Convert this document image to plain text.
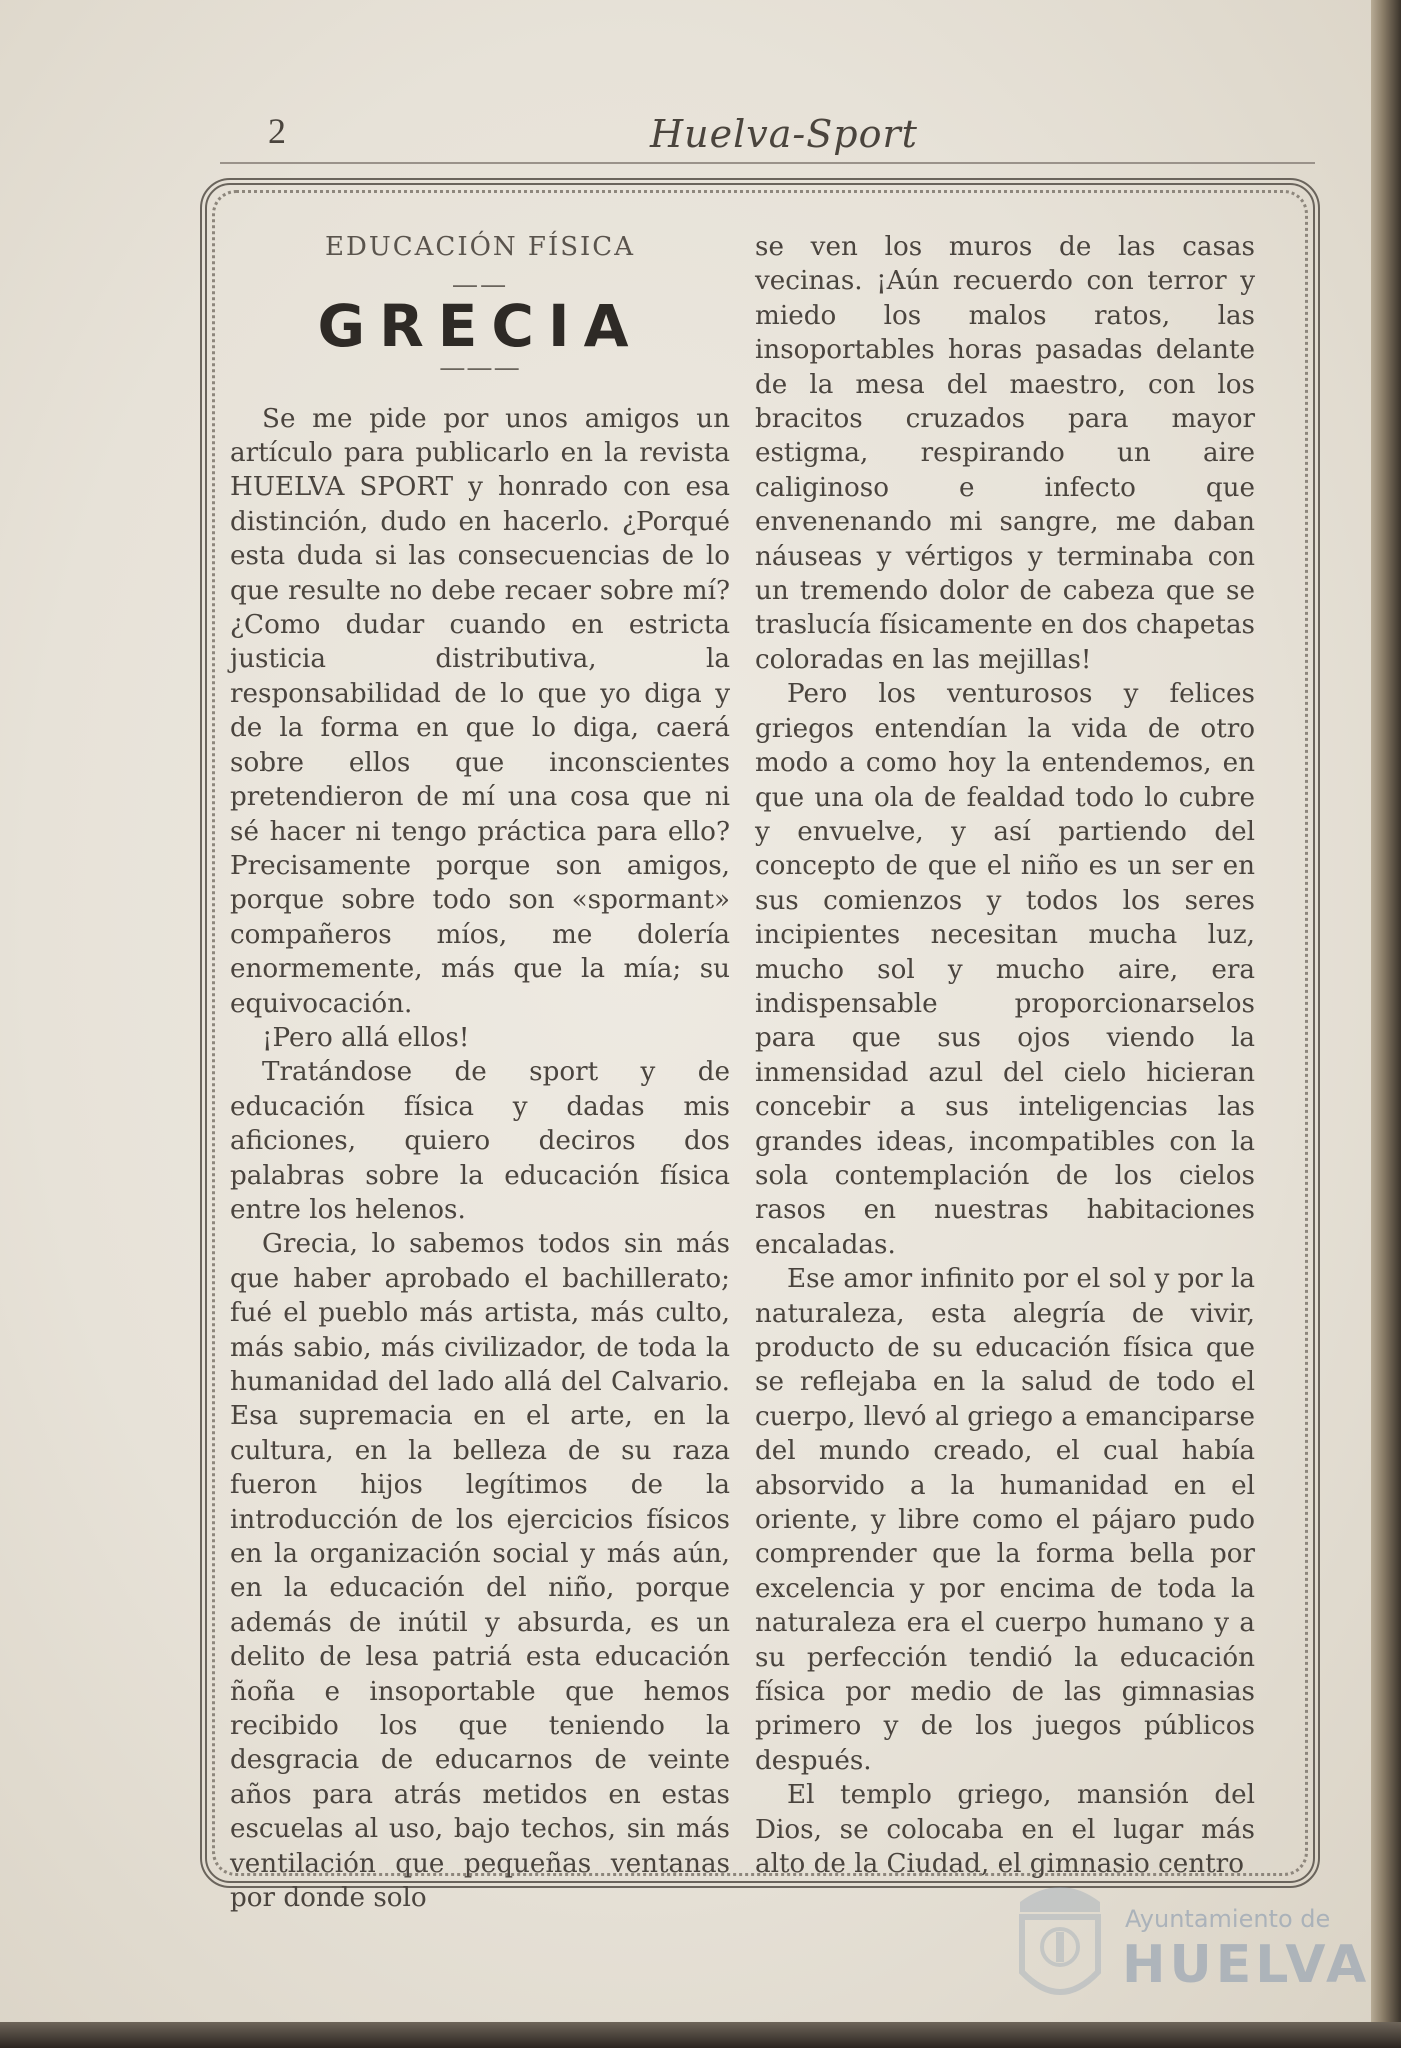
2	Huelva-Sport
EDUCACIÓN FÍSICA
——
GRECIA
———

Se me pide por unos amigos un artículo para publicarlo en la revista HUELVA SPORT y honrado con esa distinción, dudo en hacerlo. ¿Porqué esta duda si las consecuencias de lo que resulte no debe recaer sobre mí? ¿Como dudar cuando en estricta justicia distributiva, la responsabilidad de lo que yo diga y de la forma en que lo diga, caerá sobre ellos que inconscientes pretendieron de mí una cosa que ni sé hacer ni tengo práctica para ello? Precisamente porque son amigos, porque sobre todo son «spormant» compañeros míos, me dolería enormemente, más que la mía; su equivocación.

¡Pero allá ellos!

Tratándose de sport y de educación física y dadas mis aficiones, quiero deciros dos palabras sobre la educación física entre los helenos.

Grecia, lo sabemos todos sin más que haber aprobado el bachillerato; fué el pueblo más artista, más culto, más sabio, más civilizador, de toda la humanidad del lado allá del Calvario. Esa supremacia en el arte, en la cultura, en la belleza de su raza fueron hijos legítimos de la introducción de los ejercicios físicos en la organización social y más aún, en la educación del niño, porque además de inútil y absurda, es un delito de lesa patriá esta educación ñoña e insoportable que hemos recibido los que teniendo la desgracia de educarnos de veinte años para atrás metidos en estas escuelas al uso, bajo techos, sin más ventilación que pequeñas ventanas por donde solo

se ven los muros de las casas vecinas. ¡Aún recuerdo con terror y miedo los malos ratos, las insoportables horas pasadas delante de la mesa del maestro, con los bracitos cruzados para mayor estigma, respirando un aire caliginoso e infecto que envenenando mi sangre, me daban náuseas y vértigos y terminaba con un tremendo dolor de cabeza que se traslucía físicamente en dos chapetas coloradas en las mejillas!

Pero los venturosos y felices griegos entendían la vida de otro modo a como hoy la entendemos, en que una ola de fealdad todo lo cubre y envuelve, y así partiendo del concepto de que el niño es un ser en sus comienzos y todos los seres incipientes necesitan mucha luz, mucho sol y mucho aire, era indispensable proporcionarselos para que sus ojos viendo la inmensidad azul del cielo hicieran concebir a sus inteligencias las grandes ideas, incompatibles con la sola contemplación de los cielos rasos en nuestras habitaciones encaladas.

Ese amor infinito por el sol y por la naturaleza, esta alegría de vivir, producto de su educación física que se reflejaba en la salud de todo el cuerpo, llevó al griego a emanciparse del mundo creado, el cual había absorvido a la humanidad en el oriente, y libre como el pájaro pudo comprender que la forma bella por excelencia y por encima de toda la naturaleza era el cuerpo humano y a su perfección tendió la educación física por medio de las gimnasias primero y de los juegos públicos después.

El templo griego, mansión del Dios, se colocaba en el lugar más alto de la Ciudad, el gimnasio centro

Ayuntamiento de
HUELVA
